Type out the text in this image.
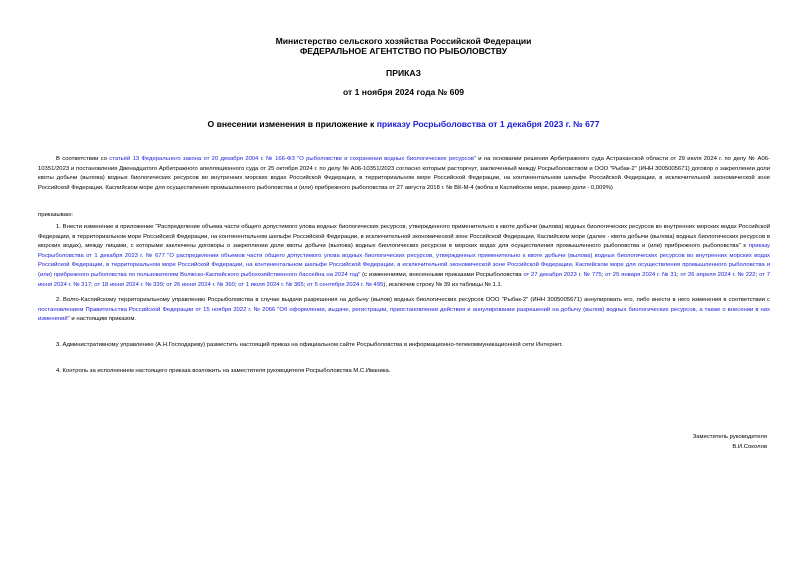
Министерство сельского хозяйства Российской Федерации
ФЕДЕРАЛЬНОЕ АГЕНТСТВО ПО РЫБОЛОВСТВУ
ПРИКАЗ
от 1 ноября 2024 года № 609
О внесении изменения в приложение к приказу Росрыболовства от 1 декабря 2023 г. № 677
В соответствии со статьёй 13 Федерального закона от 20 декабря 2004 г. № 166-ФЗ "О рыболовстве и сохранении водных биологических ресурсов" и на основании решения Арбитражного суда Астраханской области от 29 июля 2024 г. по делу № А06-10351/2023 и постановления Двенадцатого Арбитражного апелляционного суда от 25 октября 2024 г. по делу № А06-10351/2023 согласно которым расторгнут, заключенный между Росрыболовством и ООО "Рыбак-2" (ИНН 3005005671) договор о закреплении доли квоты добычи (вылова) водных биологических ресурсов во внутренних морских водах Российской Федерации, в территориальном море Российской Федерации, на континентальном шельфе Российской Федерации, в исключительной экономической зоне Российской Федерации, Каспийском море для осуществления промышленного рыболовства и (или) прибрежного рыболовства от 27 августа 2018 г. № ВК-М-4 (вобла в Каспийском море, размер доли - 0,009%)
приказываю:
1. Внести изменение в приложение "Распределение объема части общего допустимого улова водных биологических ресурсов, утвержденного применительно к квоте добычи (вылова) водных биологических ресурсов во внутренних морских водах Российской Федерации, в территориальном море Российской Федерации, на континентальном шельфе Российской Федерации, в исключительной экономической зоне Российской Федерации, Каспийском море (далее - квота добычи (вылова) водных биологических ресурсов в морских водах), между лицами, с которыми заключены договоры о закреплении доли квоты добычи (вылова) водных биологических ресурсов в морских водах для осуществления промышленного рыболовства и (или) прибрежного рыболовства" к приказу Росрыболовства от 1 декабря 2023 г. № 677 "О распределении объемов части общего допустимого улова водных биологических ресурсов, утвержденных применительно к квоте добычи (вылова) водных биологических ресурсов во внутренних морских водах Российской Федерации, в территориальном море Российской Федерации, на континентальном шельфе Российской Федерации, в исключительной экономической зоне Российской Федерации, Каспийском море для осуществления промышленного рыболовства и (или) прибрежного рыболовства по пользователям Волжско-Каспийского рыбохозяйственного бассейна на 2024 год" (с изменениями, внесенными приказами Росрыболовства от 27 декабря 2023 г. № 775; от 25 января 2024 г. № 31; от 26 апреля 2024 г. № 222; от 7 июня 2024 г. № 317; от 18 июня 2024 г. № 339; от 26 июня 2024 г. № 360; от 1 июля 2024 г. № 365; от 5 сентября 2024 г. № 495), исключив строку № 39 из таблицы № 1.1.
2. Волго-Каспийскому территориальному управлению Росрыболовства в случае выдачи разрешения на добычу (вылов) водных биологических ресурсов ООО "Рыбак-2" (ИНН 3005005671) аннулировать его, либо внести в него изменения в соответствии с постановлением Правительства Российской Федерации от 15 ноября 2022 г. № 2066 "Об оформлении, выдаче, регистрации, приостановлении действия и аннулировании разрешений на добычу (вылов) водных биологических ресурсов, а также о внесении в них изменений" и настоящим приказом.
3. Административному управлению (А.Н.Господареву) разместить настоящий приказ на официальном сайте Росрыболовства в информационно-телекоммуникационной сети Интернет.
4. Контроль за исполнением настоящего приказа возложить на заместителя руководителя Росрыболовства М.С.Иваника.
Заместитель руководителя
В.И.Соколов
